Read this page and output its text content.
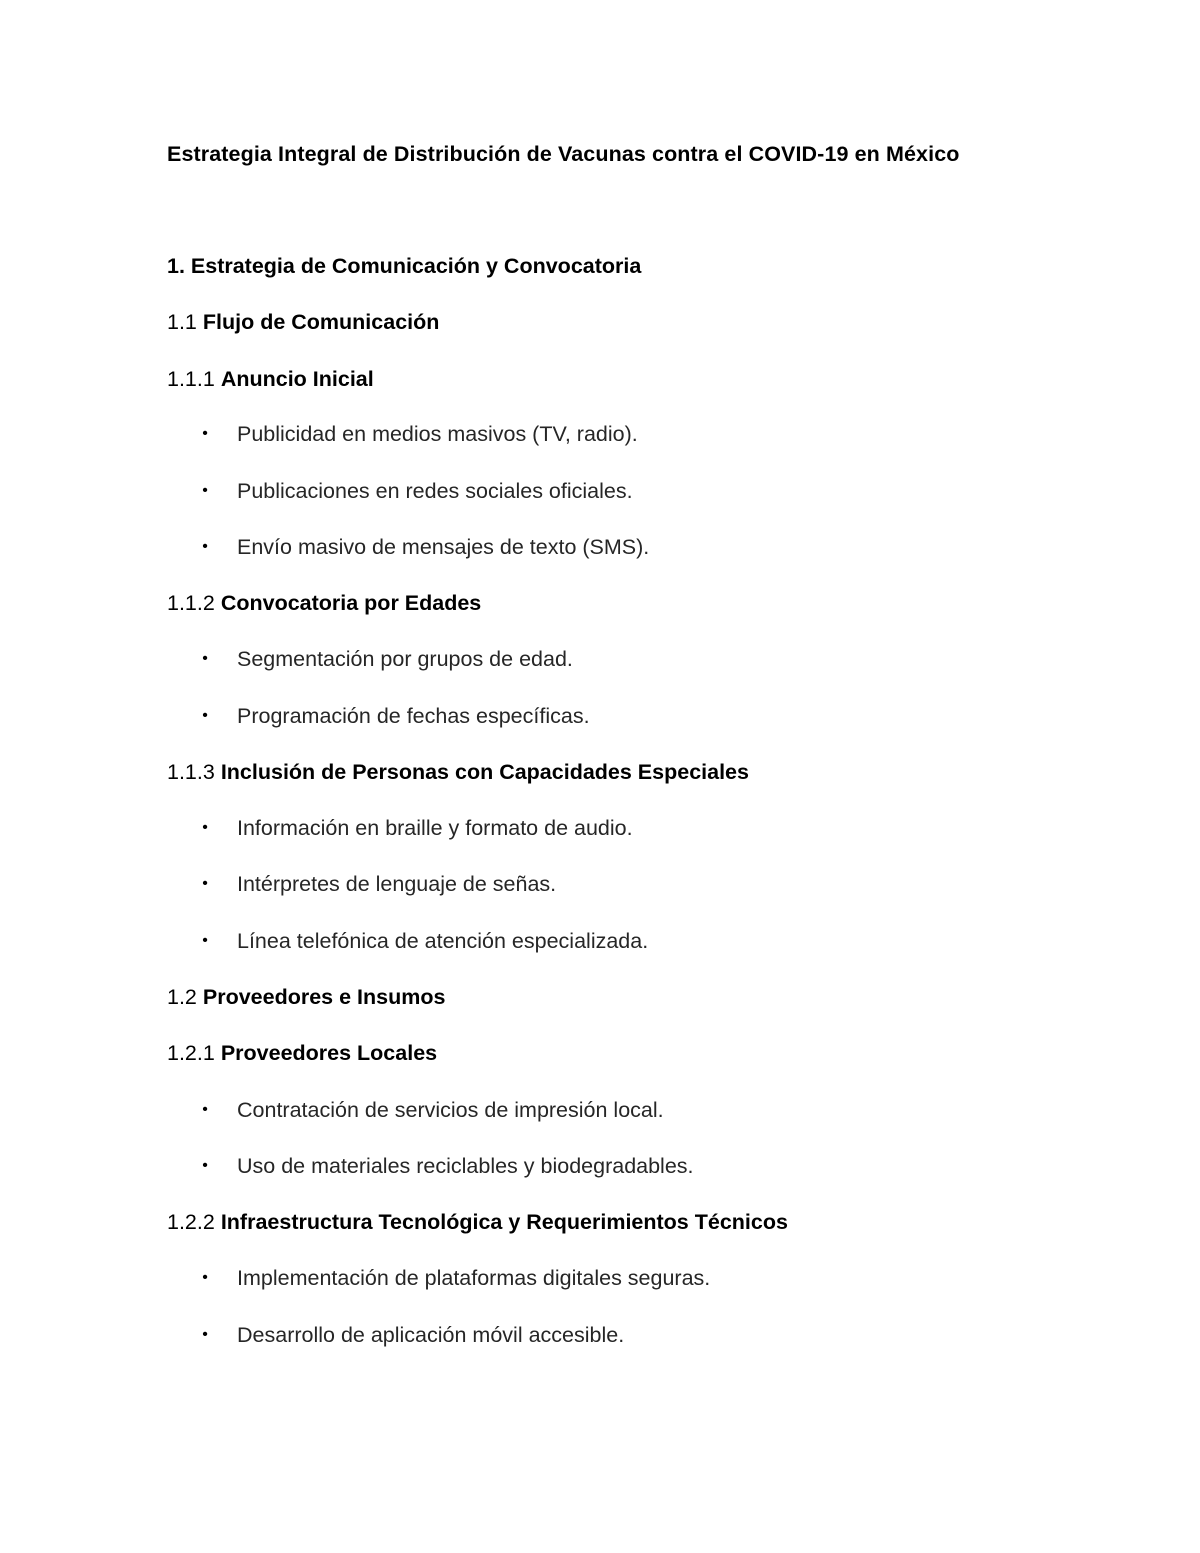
Estrategia Integral de Distribución de Vacunas contra el COVID-19 en México
1. Estrategia de Comunicación y Convocatoria
1.1 Flujo de Comunicación
1.1.1 Anuncio Inicial
• Publicidad en medios masivos (TV, radio).
• Publicaciones en redes sociales oficiales.
• Envío masivo de mensajes de texto (SMS).
1.1.2 Convocatoria por Edades
• Segmentación por grupos de edad.
• Programación de fechas específicas.
1.1.3 Inclusión de Personas con Capacidades Especiales
• Información en braille y formato de audio.
• Intérpretes de lenguaje de señas.
• Línea telefónica de atención especializada.
1.2 Proveedores e Insumos
1.2.1 Proveedores Locales
• Contratación de servicios de impresión local.
• Uso de materiales reciclables y biodegradables.
1.2.2 Infraestructura Tecnológica y Requerimientos Técnicos
• Implementación de plataformas digitales seguras.
• Desarrollo de aplicación móvil accesible.
